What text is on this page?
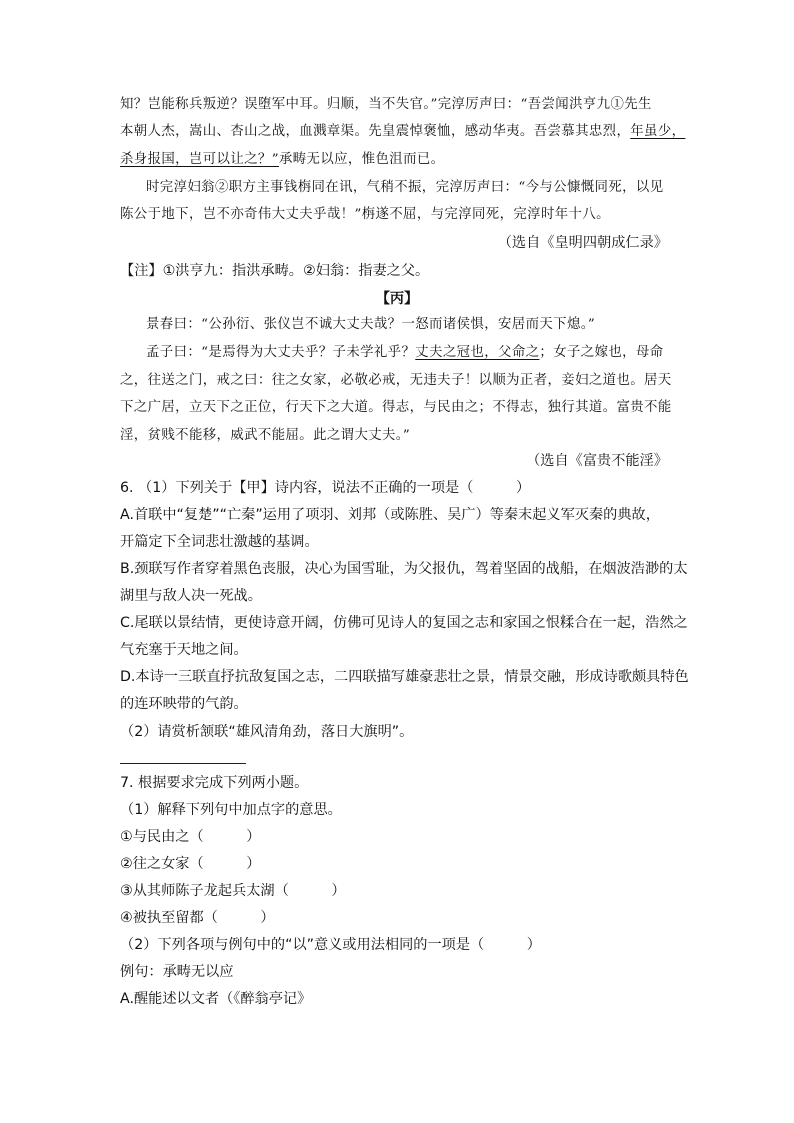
知？岂能称兵叛逆？误堕军中耳。归顺，当不失官。”完淳厉声曰：“吾尝闻洪亨九①先生
本朝人杰，嵩山、杏山之战，血溅章渠。先皇震悼褒恤，感动华夷。吾尝慕其忠烈，年虽少，
杀身报国，岂可以让之？”承畴无以应，惟色沮而已。
时完淳妇翁②职方主事钱栴同在讯，气稍不振，完淳厉声曰：“今与公慷慨同死，以见
陈公于地下，岂不亦奇伟大丈夫乎哉！”栴遂不屈，与完淳同死，完淳时年十八。
（选自《皇明四朝成仁录》
【注】①洪亨九：指洪承畴。②妇翁：指妻之父。
【丙】
景春曰：“公孙衍、张仪岂不诚大丈夫哉？一怒而诸侯惧，安居而天下熄。”
孟子曰：“是焉得为大丈夫乎？子未学礼乎？丈夫之冠也，父命之；女子之嫁也，母命
之，往送之门，戒之曰：往之女家，必敬必戒，无违夫子！以顺为正者，妾妇之道也。居天
下之广居，立天下之正位，行天下之大道。得志，与民由之；不得志，独行其道。富贵不能
淫，贫贱不能移，威武不能屈。此之谓大丈夫。”
（选自《富贵不能淫》
6. （1）下列关于【甲】诗内容，说法不正确的一项是（　　　）
A.首联中“复楚”“亡秦”运用了项羽、刘邦（或陈胜、吴广）等秦末起义军灭秦的典故，
开篇定下全词悲壮激越的基调。
B.颈联写作者穿着黑色丧服，决心为国雪耻，为父报仇，驾着坚固的战船，在烟波浩渺的太
湖里与敌人决一死战。
C.尾联以景结情，更使诗意开阔，仿佛可见诗人的复国之志和家国之恨糅合在一起，浩然之
气充塞于天地之间。
D.本诗一三联直抒抗敌复国之志，二四联描写雄豪悲壮之景，情景交融，形成诗歌颇具特色
的连环映带的气韵。
（2）请赏析颔联“雄风清角劲，落日大旗明”。
7. 根据要求完成下列两小题。
（1）解释下列句中加点字的意思。
①与民由之（　　　）
②往之女家（　　　）
③从其师陈子龙起兵太湖（　　　）
④被执至留都（　　　）
（2）下列各项与例句中的“以”意义或用法相同的一项是（　　　）
例句：承畴无以应
A.醒能述以文者（《醉翁亭记》
